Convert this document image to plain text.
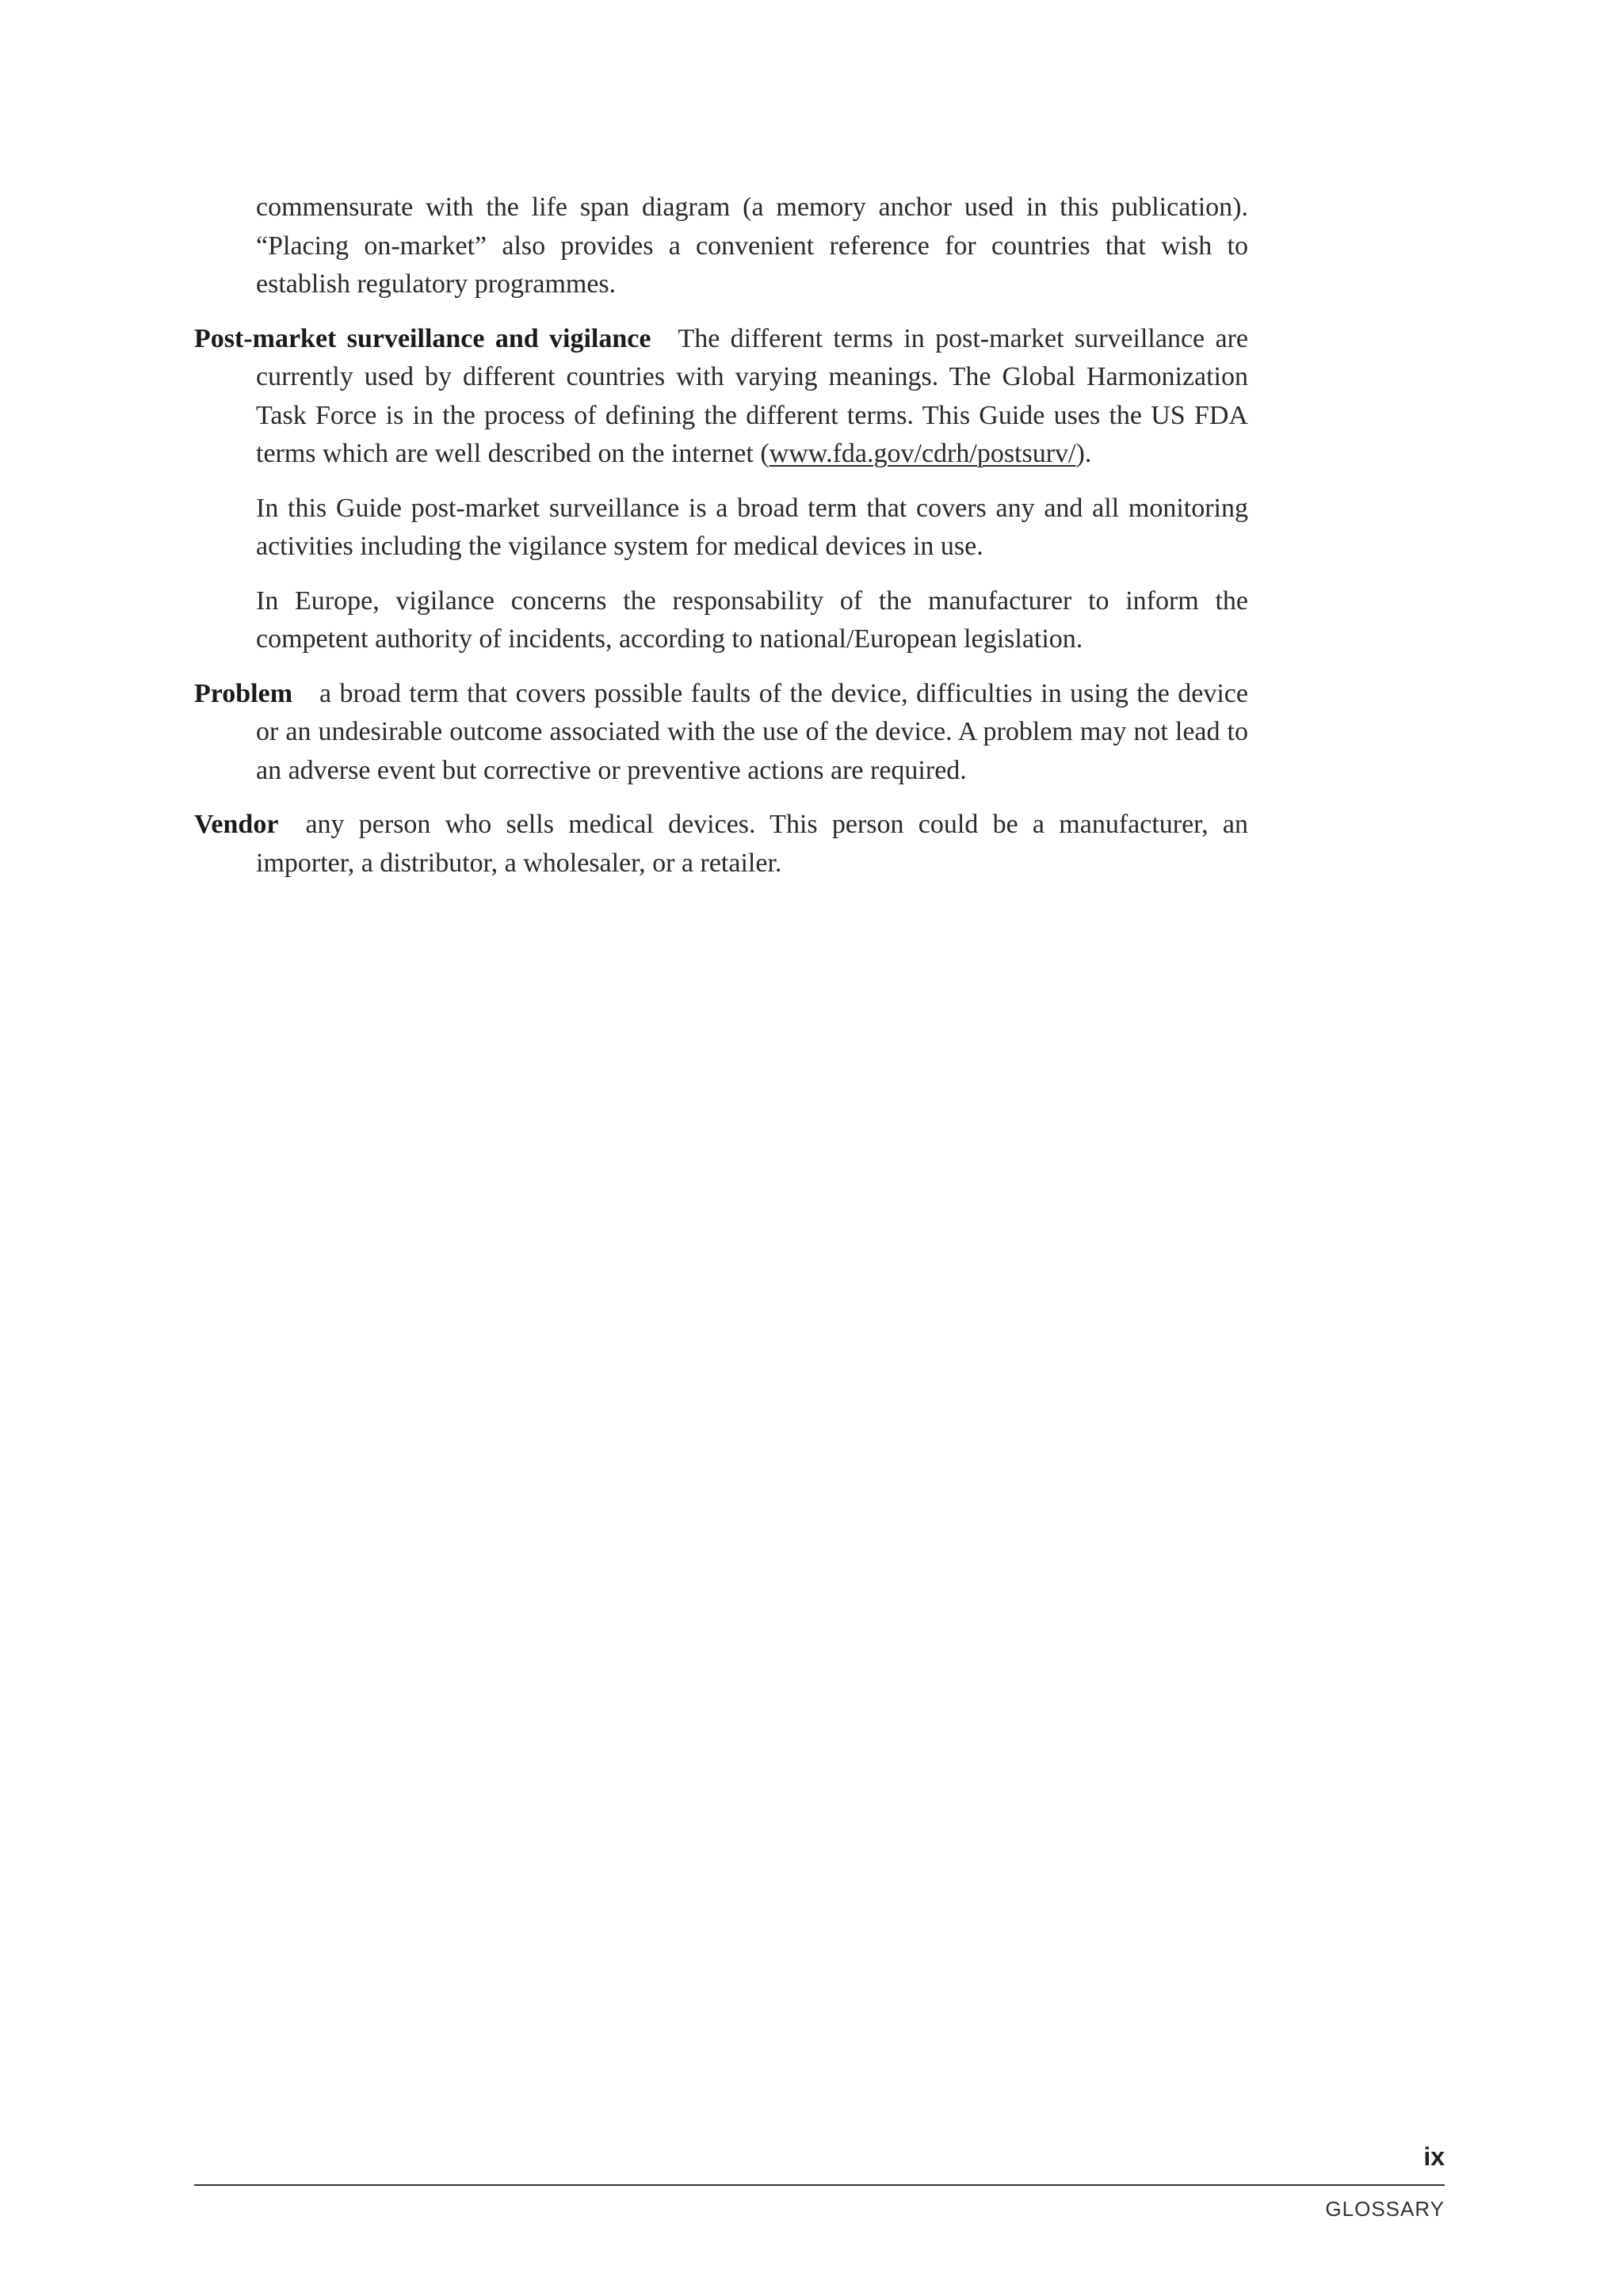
commensurate with the life span diagram (a memory anchor used in this publication). “Placing on-market” also provides a convenient reference for countries that wish to establish regulatory programmes.

Post-market surveillance and vigilance The different terms in post-market surveillance are currently used by different countries with varying meanings. The Global Harmonization Task Force is in the process of defining the different terms. This Guide uses the US FDA terms which are well described on the internet (www.fda.gov/cdrh/postsurv/).

In this Guide post-market surveillance is a broad term that covers any and all monitoring activities including the vigilance system for medical devices in use.

In Europe, vigilance concerns the responsability of the manufacturer to inform the competent authority of incidents, according to national/European legislation.

Problem a broad term that covers possible faults of the device, difficulties in using the device or an undesirable outcome associated with the use of the device. A problem may not lead to an adverse event but corrective or preventive actions are required.

Vendor any person who sells medical devices. This person could be a manufacturer, an importer, a distributor, a wholesaler, or a retailer.

ix
GLOSSARY
